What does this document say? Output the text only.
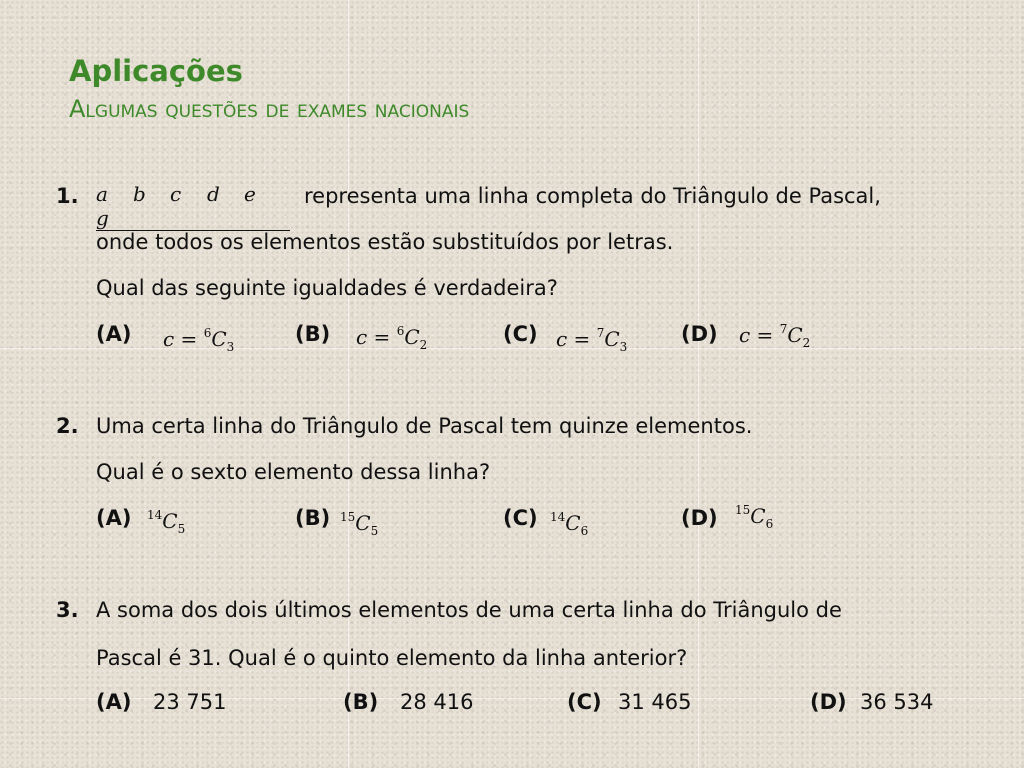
Aplicações
Algumas questões de exames nacionais
1. a b c d eg
representa uma linha completa do Triângulo de Pascal,
onde todos os elementos estão substituídos por letras.
Qual das seguinte igualdades é verdadeira?
(A) $c = ^6C_3$
(B) $c = ^6C_2$	(C) $c = ^7C_3$
(D) $c = ^7C_2$
2. Uma certa linha do Triângulo de Pascal tem quinze elementos.
Qual é o sexto elemento dessa linha?
(A) $^{14}C_5$	(B) $^{15}C_5$
(C) $^{14}C_6$
(D) $^{15}C_6$
3. A soma dos dois últimos elementos de uma certa linha do Triângulo de
Pascal é 31. Qual é o quinto elemento da linha anterior?
(A) 23 751	(B) 28 416	(C) 31 465	(D) 36 534
